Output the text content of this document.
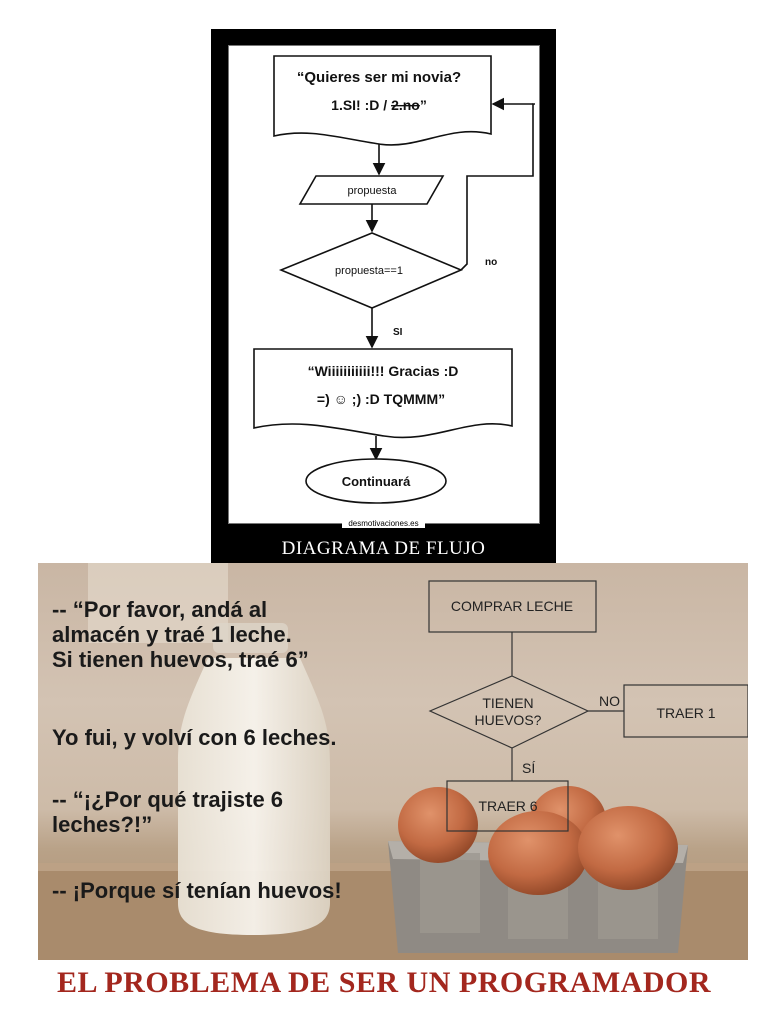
“Quieres ser mi novia?
1.SI! :D / 2.no”
propuesta
propuesta==1
no
SI
“Wiiiiiiiiiii!!! Gracias :D
=) ☺ ;) :D TQMMM”
Continuará
desmotivaciones.es
DIAGRAMA DE FLUJO
COMPRAR LECHE
TIENEN
HUEVOS?
NO
TRAER 1
SÍ
TRAER 6
-- “Por favor, andá al
almacén y traé 1 leche.
Si tienen huevos, traé 6”
Yo fui, y volví con 6 leches.
-- “¡¿Por qué trajiste 6
leches?!”
-- ¡Porque sí tenían huevos!
EL PROBLEMA DE SER UN PROGRAMADOR
